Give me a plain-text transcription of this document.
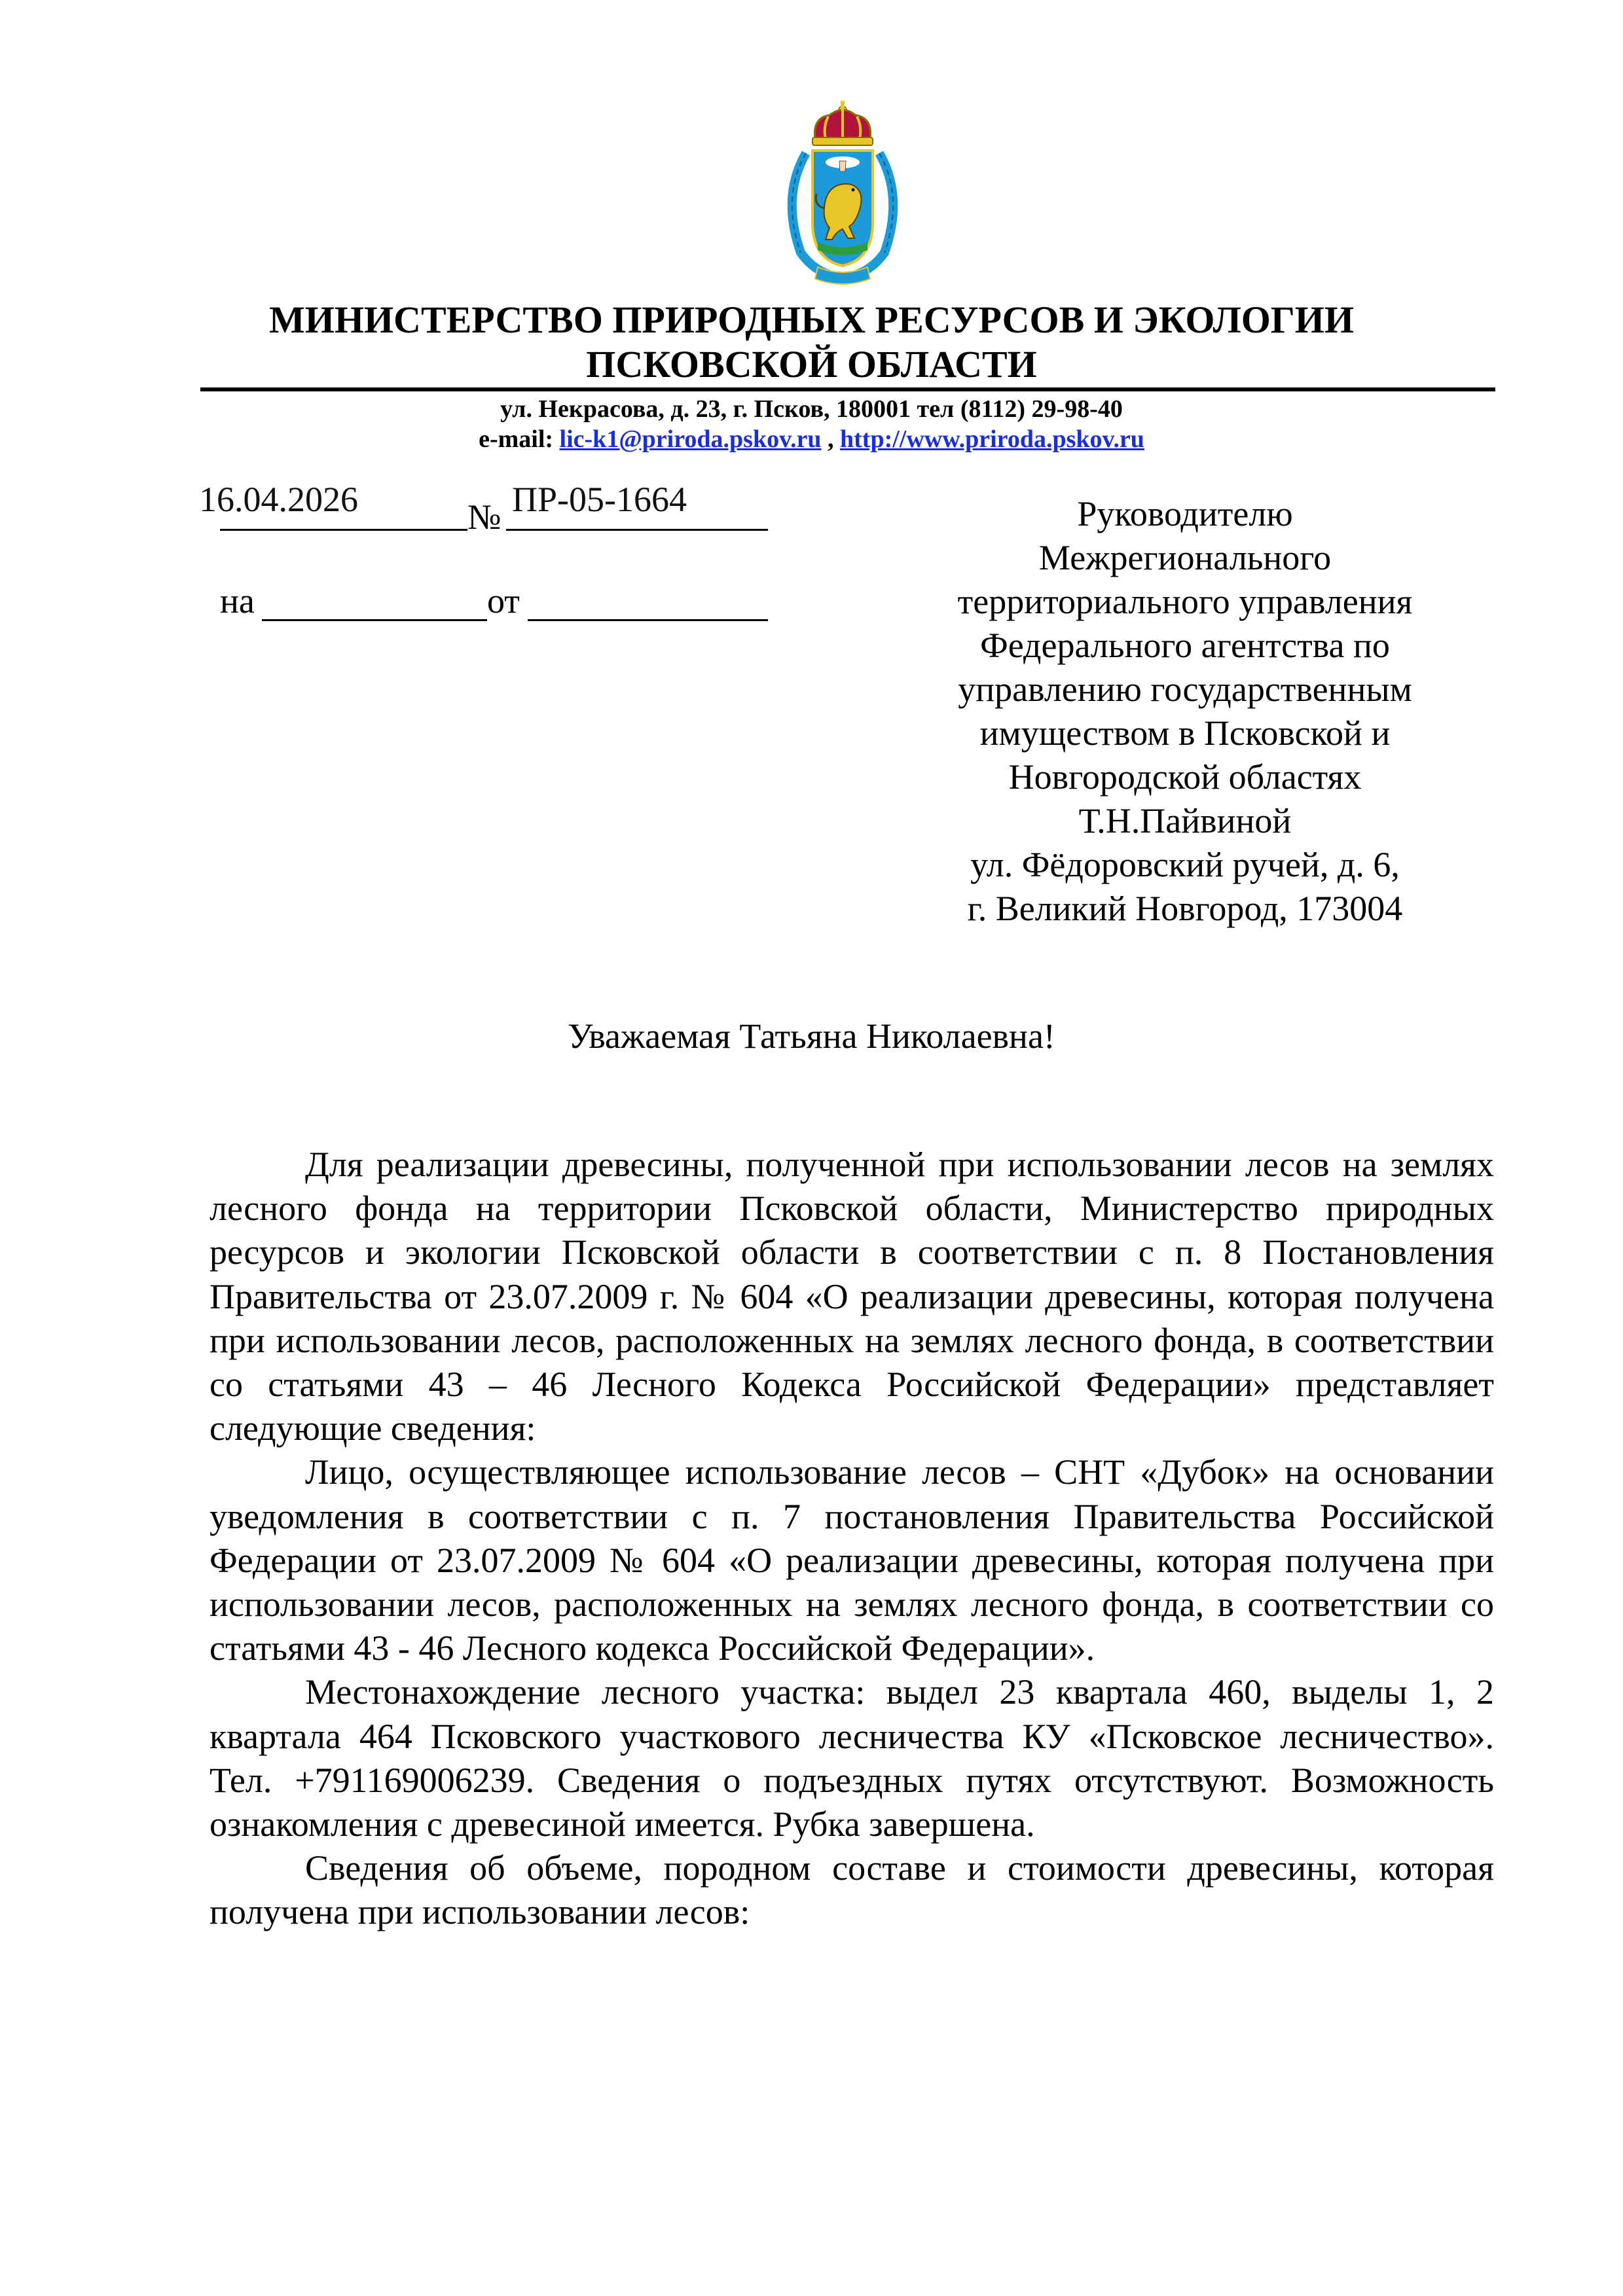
МИНИСТЕРСТВО ПРИРОДНЫХ РЕСУРСОВ И ЭКОЛОГИИ
ПСКОВСКОЙ ОБЛАСТИ
ул. Некрасова, д. 23, г. Псков, 180001 тел (8112) 29-98-40
e-mail: lic-k1@priroda.pskov.ru , http://www.priroda.pskov.ru
16.04.2026	№ ПР-05-1664
на	от
Руководителю
Межрегионального
территориального управления
Федерального агентства по
управлению государственным
имуществом в Псковской и
Новгородской областях
Т.Н.Пайвиной
ул. Фёдоровский ручей, д. 6,
г. Великий Новгород, 173004
Уважаемая Татьяна Николаевна!

Для реализации древесины, полученной при использовании лесов на землях лесного фонда на территории Псковской области, Министерство природных ресурсов и экологии Псковской области в соответствии с п. 8 Постановления Правительства от 23.07.2009 г. № 604 «О реализации древесины, которая получена при использовании лесов, расположенных на землях лесного фонда, в соответствии со статьями 43 – 46 Лесного Кодекса Российской Федерации» представляет следующие сведения:

Лицо, осуществляющее использование лесов – СНТ «Дубок» на основании уведомления в соответствии с п. 7 постановления Правительства Российской Федерации от 23.07.2009 № 604 «О реализации древесины, которая получена при использовании лесов, расположенных на землях лесного фонда, в соответствии со статьями 43 - 46 Лесного кодекса Российской Федерации».

Местонахождение лесного участка: выдел 23 квартала 460, выделы 1, 2 квартала 464 Псковского участкового лесничества КУ «Псковское лесничество». Тел. +791169006239. Сведения о подъездных путях отсутствуют. Возможность ознакомления с древесиной имеется. Рубка завершена.

Сведения об объеме, породном составе и стоимости древесины, которая получена при использовании лесов:
